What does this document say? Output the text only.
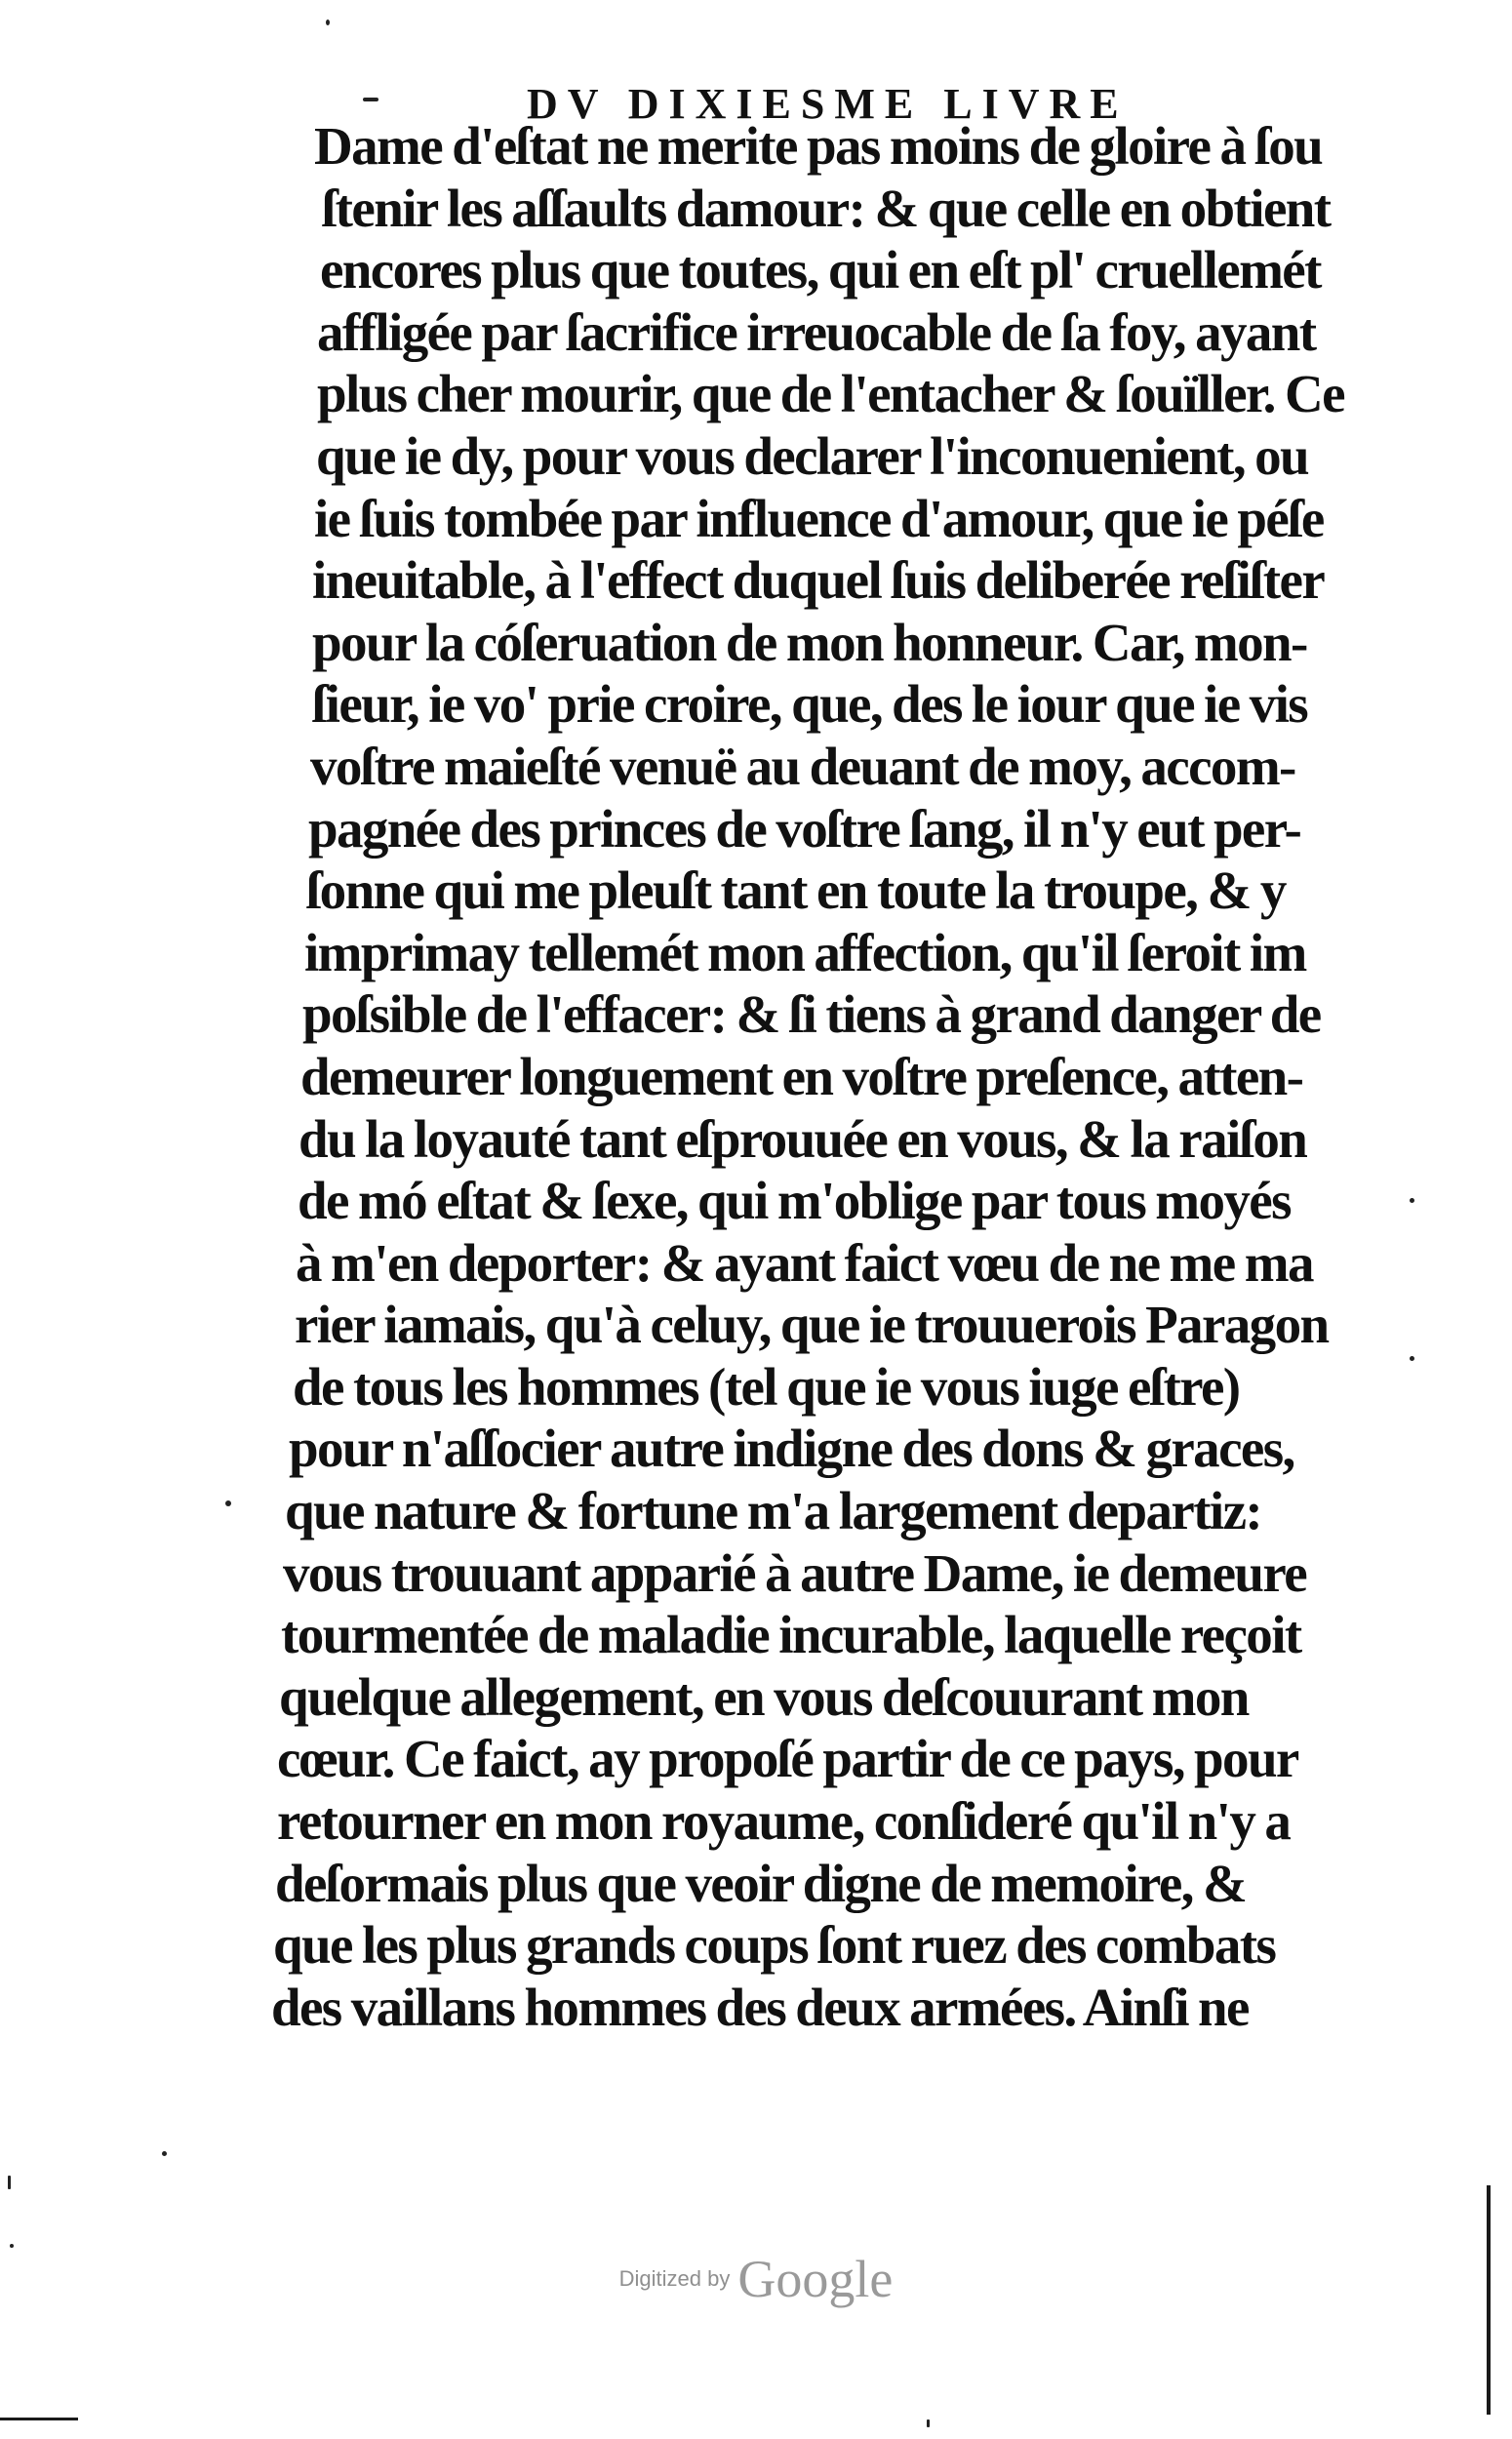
DV DIXIESME LIVRE
Dame d'eſtat ne merite pas moins de gloire à ſou
ſtenir les aſſaults damour: & que celle en obtient
encores plus que toutes, qui en eſt pl' cruellemét
affligée par ſacrifice irreuocable de ſa foy, ayant
plus cher mourir, que de l'entacher & ſouïller. Ce
que ie dy, pour vous declarer l'inconuenient, ou
ie ſuis tombée par influence d'amour, que ie péſe
ineuitable, à l'effect duquel ſuis deliberée reſiſter
pour la cóſeruation de mon honneur. Car, mon-
ſieur, ie vo' prie croire, que, des le iour que ie vis
voſtre maieſté venuë au deuant de moy, accom-
pagnée des princes de voſtre ſang, il n'y eut per-
ſonne qui me pleuſt tant en toute la troupe, & y
imprimay tellemét mon affection, qu'il ſeroit im
poſsible de l'effacer: & ſi tiens à grand danger de
demeurer longuement en voſtre preſence, atten-
du la loyauté tant eſprouuée en vous, & la raiſon
de mó eſtat & ſexe, qui m'oblige par tous moyés
à m'en deporter: & ayant faict vœu de ne me ma
rier iamais, qu'à celuy, que ie trouuerois Paragon
de tous les hommes (tel que ie vous iuge eſtre)
pour n'aſſocier autre indigne des dons & graces,
que nature & fortune m'a largement departiz:
vous trouuant apparié à autre Dame, ie demeure
tourmentée de maladie incurable, laquelle reçoit
quelque allegement, en vous deſcouurant mon
cœur. Ce faict, ay propoſé partir de ce pays, pour
retourner en mon royaume, conſideré qu'il n'y a
deſormais plus que veoir digne de memoire, &
que les plus grands coups ſont ruez des combats
des vaillans hommes des deux armées. Ainſi ne
Digitized by Google
